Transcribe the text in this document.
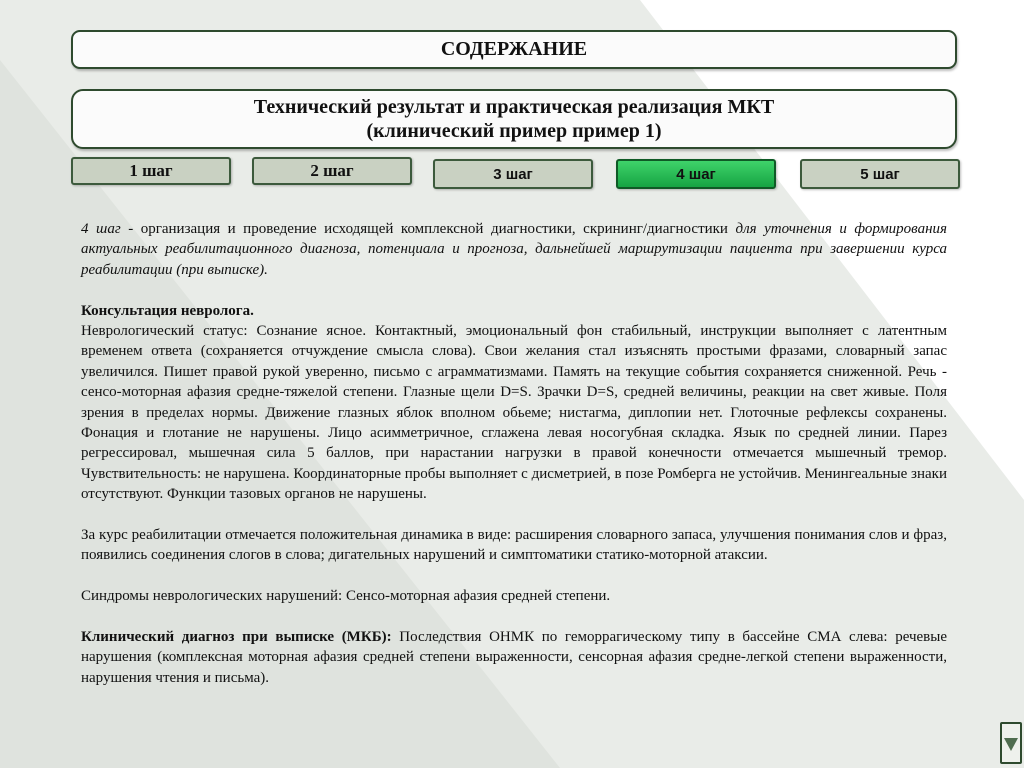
СОДЕРЖАНИЕ
Технический результат и практическая реализация МКТ
(клинический пример пример 1)
1 шаг	2 шаг	3 шаг	4 шаг	5 шаг

4 шаг - организация и проведение исходящей комплексной диагностики, скрининг/диагностики для уточнения и формирования актуальных реабилитационного диагноза, потенциала и прогноза, дальнейшей маршрутизации пациента при завершении курса реабилитации (при выписке).

Консультация невролога.

Неврологический статус: Сознание ясное. Контактный, эмоциональный фон стабильный, инструкции выполняет с латентным временем ответа (сохраняется отчуждение смысла слова). Свои желания стал изъяснять простыми фразами, словарный запас увеличился. Пишет правой рукой уверенно, письмо с аграмматизмами. Память на текущие события сохраняется сниженной. Речь - сенсо-моторная афазия средне-тяжелой степени. Глазные щели D=S. Зрачки D=S, средней величины, реакции на свет живые. Поля зрения в пределах нормы. Движение глазных яблок вполном обьеме; нистагма, диплопии нет. Глоточные рефлексы сохранены. Фонация и глотание не нарушены. Лицо асимметричное, сглажена левая носогубная складка. Язык по средней линии. Парез регрессировал, мышечная сила 5 баллов, при нарастании нагрузки в правой конечности отмечается мышечный тремор. Чувствительность: не нарушена. Координаторные пробы выполняет с дисметрией, в позе Ромберга не устойчив. Менингеальные знаки отсутствуют. Функции тазовых органов не нарушены.

За курс реабилитации отмечается положительная динамика в виде: расширения словарного запаса, улучшения понимания слов и фраз, появились соединения слогов в слова; дигательных нарушений и симптоматики статико-моторной атаксии.

Синдромы неврологических нарушений: Сенсо-моторная афазия средней степени.

Клинический диагноз при выписке (МКБ): Последствия ОНМК по геморрагическому типу в бассейне СМА слева: речевые нарушения (комплексная моторная афазия средней степени выраженности, сенсорная афазия средне-легкой степени выраженности, нарушения чтения и письма).
